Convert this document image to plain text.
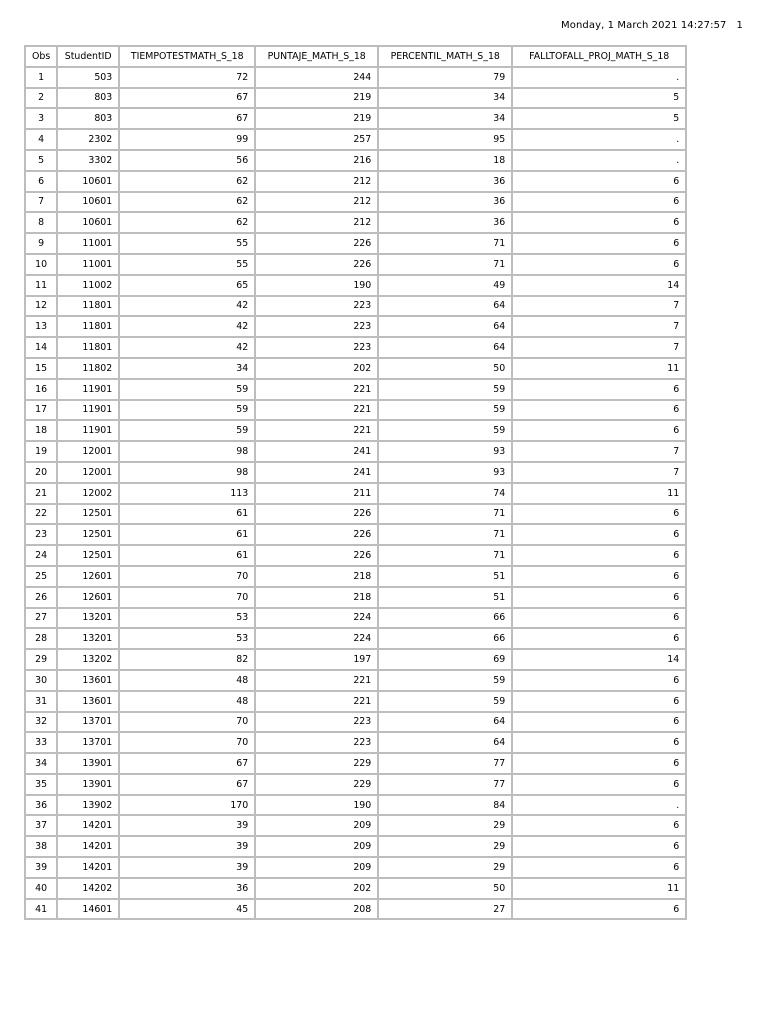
Monday, 1 March 2021 14:27:57 1
Obs	StudentID	TIEMPOTESTMATH_S_18	PUNTAJE_MATH_S_18	PERCENTIL_MATH_S_18	FALLTOFALL_PROJ_MATH_S_18
1	503	72	244	79	.
2	803	67	219	34	5
3	803	67	219	34	5
4	2302	99	257	95	.
5	3302	56	216	18	.
6	10601	62	212	36	6
7	10601	62	212	36	6
8	10601	62	212	36	6
9	11001	55	226	71	6
10	11001	55	226	71	6
11	11002	65	190	49	14
12	11801	42	223	64	7
13	11801	42	223	64	7
14	11801	42	223	64	7
15	11802	34	202	50	11
16	11901	59	221	59	6
17	11901	59	221	59	6
18	11901	59	221	59	6
19	12001	98	241	93	7
20	12001	98	241	93	7
21	12002	113	211	74	11
22	12501	61	226	71	6
23	12501	61	226	71	6
24	12501	61	226	71	6
25	12601	70	218	51	6
26	12601	70	218	51	6
27	13201	53	224	66	6
28	13201	53	224	66	6
29	13202	82	197	69	14
30	13601	48	221	59	6
31	13601	48	221	59	6
32	13701	70	223	64	6
33	13701	70	223	64	6
34	13901	67	229	77	6
35	13901	67	229	77	6
36	13902	170	190	84	.
37	14201	39	209	29	6
38	14201	39	209	29	6
39	14201	39	209	29	6
40	14202	36	202	50	11
41	14601	45	208	27	6
